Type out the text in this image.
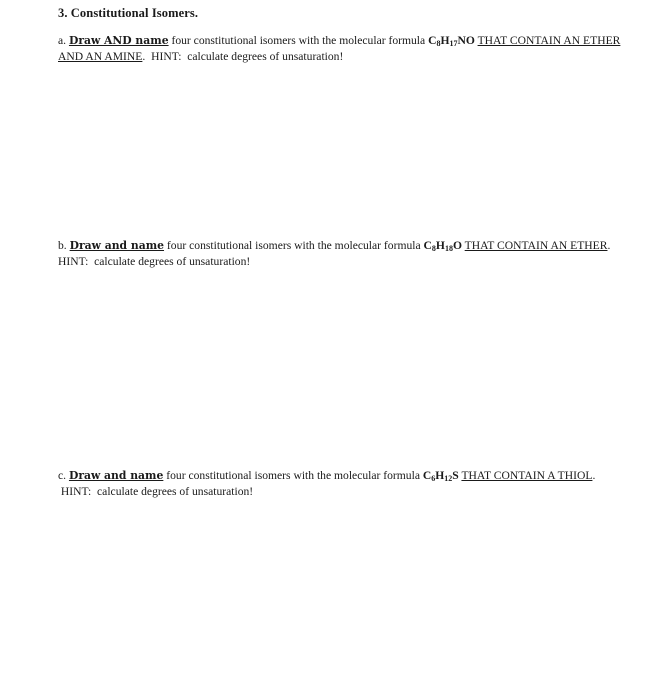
3. Constitutional Isomers.
a. Draw AND name four constitutional isomers with the molecular formula $C_8H_{17}NO$ THAT CONTAIN AN ETHER AND AN AMINE.  HINT:  calculate degrees of unsaturation!
b. Draw and name four constitutional isomers with the molecular formula $C_8H_{18}O$ THAT CONTAIN AN ETHER.  HINT:  calculate degrees of unsaturation!
c. Draw and name four constitutional isomers with the molecular formula $C_6H_{12}S$ THAT CONTAIN A THIOL.
HINT:  calculate degrees of unsaturation!
